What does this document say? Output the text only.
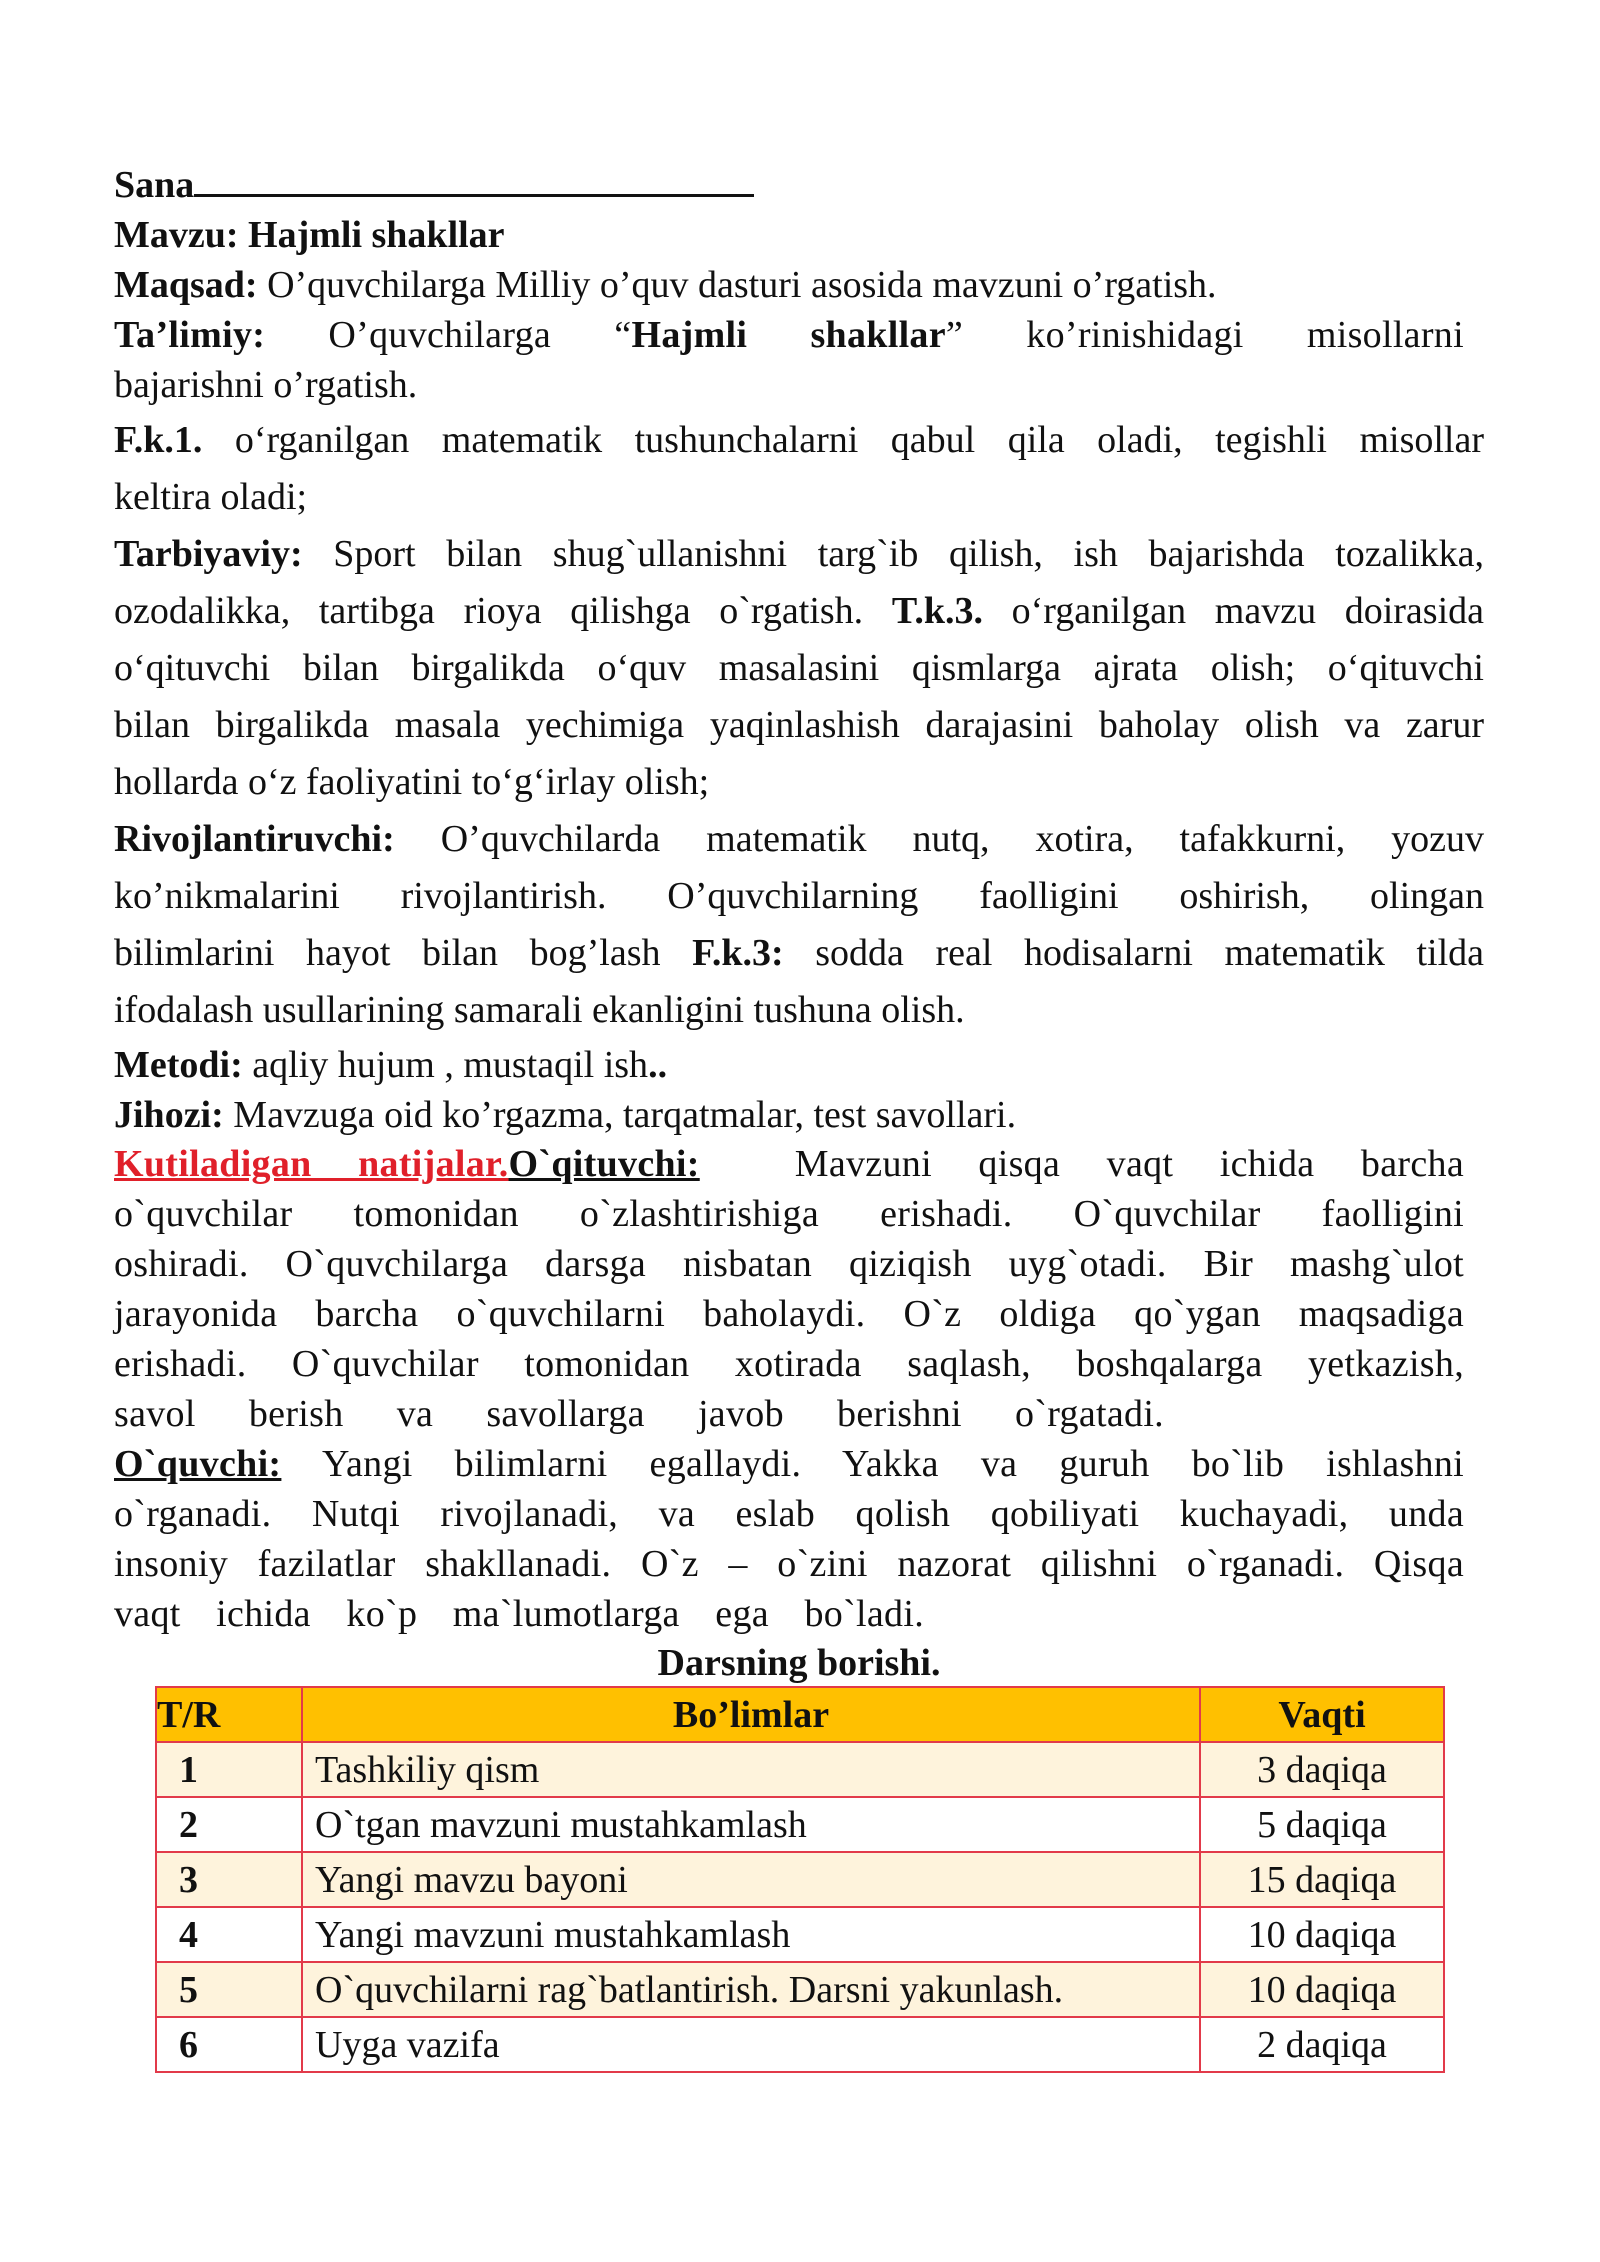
Sana

Mavzu: Hajmli shakllar

Maqsad: O’quvchilarga Milliy o’quv dasturi asosida mavzuni o’rgatish.

Ta’limiy: O’quvchilarga “Hajmli shakllar” ko’rinishidagi misollarni

bajarishni o’rgatish.

F.k.1. o‘rganilgan matematik tushunchalarni qabul qila oladi, tegishli misollar
keltira oladi;
Tarbiyaviy: Sport bilan shug`ullanishni targ`ib qilish, ish bajarishda tozalikka,
ozodalikka, tartibga rioya qilishga o`rgatish. T.k.3. o‘rganilgan mavzu doirasida
o‘qituvchi bilan birgalikda o‘quv masalasini qismlarga ajrata olish; o‘qituvchi
bilan birgalikda masala yechimiga yaqinlashish darajasini baholay olish va zarur
hollarda o‘z faoliyatini to‘g‘irlay olish;
Rivojlantiruvchi: O’quvchilarda matematik nutq, xotira, tafakkurni, yozuv
ko’nikmalarini rivojlantirish. O’quvchilarning faolligini oshirish, olingan
bilimlarini hayot bilan bog’lash F.k.3: sodda real hodisalarni matematik tilda
ifodalash usullarining samarali ekanligini tushuna olish.

Metodi: aqliy hujum , mustaqil ish..

Jihozi: Mavzuga oid ko’rgazma, tarqatmalar, test savollari.

Kutiladigan natijalar.O`qituvchi:	Mavzuni qisqa vaqt ichida barcha
o`quvchilar tomonidan o`zlashtirishiga erishadi. O`quvchilar faolligini
oshiradi. O`quvchilarga darsga nisbatan qiziqish uyg`otadi. Bir mashg`ulot
jarayonida barcha o`quvchilarni baholaydi. O`z oldiga qo`ygan maqsadiga
erishadi. O`quvchilar tomonidan xotirada saqlash, boshqalarga yetkazish,
savol berish va savollarga javob berishni o`rgatadi.
O`quvchi: Yangi bilimlarni egallaydi. Yakka va guruh bo`lib ishlashni
o`rganadi. Nutqi rivojlanadi, va eslab qolish qobiliyati kuchayadi, unda
insoniy fazilatlar shakllanadi. O`z – o`zini nazorat qilishni o`rganadi. Qisqa
vaqt ichida ko`p ma`lumotlarga ega bo`ladi.

Darsning borishi.

T/R	Bo’limlar	Vaqti
1	Tashkiliy qism	3 daqiqa
2	O`tgan mavzuni mustahkamlash	5 daqiqa
3	Yangi mavzu bayoni	15 daqiqa
4	Yangi mavzuni mustahkamlash	10 daqiqa
5	O`quvchilarni rag`batlantirish. Darsni yakunlash.	10 daqiqa
6	Uyga vazifa	2 daqiqa
